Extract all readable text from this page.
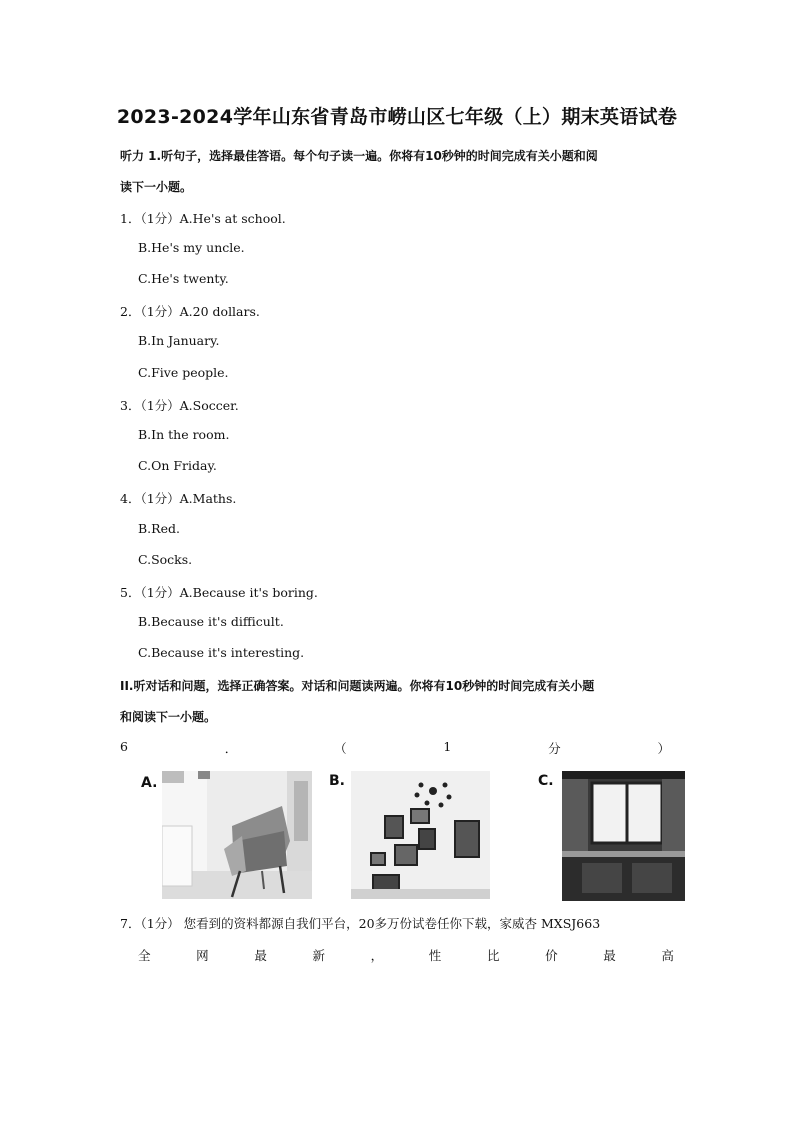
2023-2024学年山东省青岛市崂山区七年级（上）期末英语试卷
听力 1.听句子，选择最佳答语。每个句子读一遍。你将有10秒钟的时间完成有关小题和阅
读下一小题。
1．（1分）A.He's at school.
B.He's my uncle.
C.He's twenty.
2．（1分）A.20 dollars.
B.In January.
C.Five people.
3．（1分）A.Soccer.
B.In the room.
C.On Friday.
4．（1分）A.Maths.
B.Red.
C.Socks.
5．（1分）A.Because it's boring.
B.Because it's difficult.
C.Because it's interesting.
II.听对话和问题，选择正确答案。对话和问题读两遍。你将有10秒钟的时间完成有关小题
和阅读下一小题。
6	．	（	1	分	）
A.	B.	C.
7．（1分） 您看到的资料都源自我们平台，20多万份试卷任你下载，家威杏 MXSJ663
全	网	最	新	，	性	比	价	最	高
